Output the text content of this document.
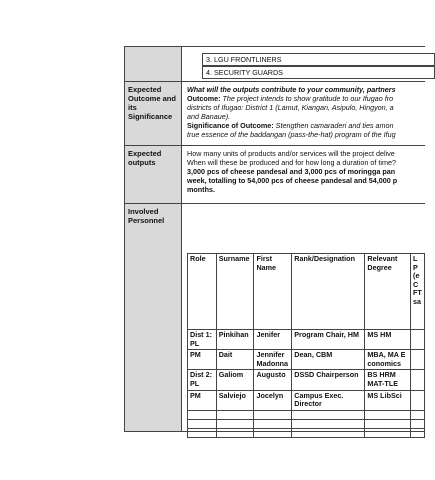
3. LGU FRONTLINERS
4. SECURITY GUARDS
Expected Outcome and its Significance
What will the outputs contribute to your community, partners
Outcome: The project intends to show gratitude to our Ifugao fro
districts of Ifugao: District 1 (Lamut, Kiangan, Asipulo, Hingyon, a
and Banaue).
Significance of Outcome: Stengthen camaraderi and ties amon
true essence of the baddangan (pass-the-hat) program of the Ifug
Expected outputs
How many units of products and/or services will the project delive
When will these be produced and for how long a duration of time?
3,000 pcs of cheese pandesal and 3,000 pcs of moringga pan
week, totalling to 54,000 pcs of cheese pandesal and 54,000 p
months.
Involved Personnel
Role	Surname	First Name	Rank/Designation	Relevant Degree	LP(eCFTsa
Dist 1: PL	Pinkihan	Jenifer	Program Chair, HM	MS HM	
PM	Dait	Jennifer Madonna	Dean, CBM	MBA, MA Economics	
Dist 2: PL	Galiom	Augusto	DSSD Chairperson	BS HRM MAT-TLE	
PM	Salviejo	Jocelyn	Campus Exec. Director	MS LibSci	
